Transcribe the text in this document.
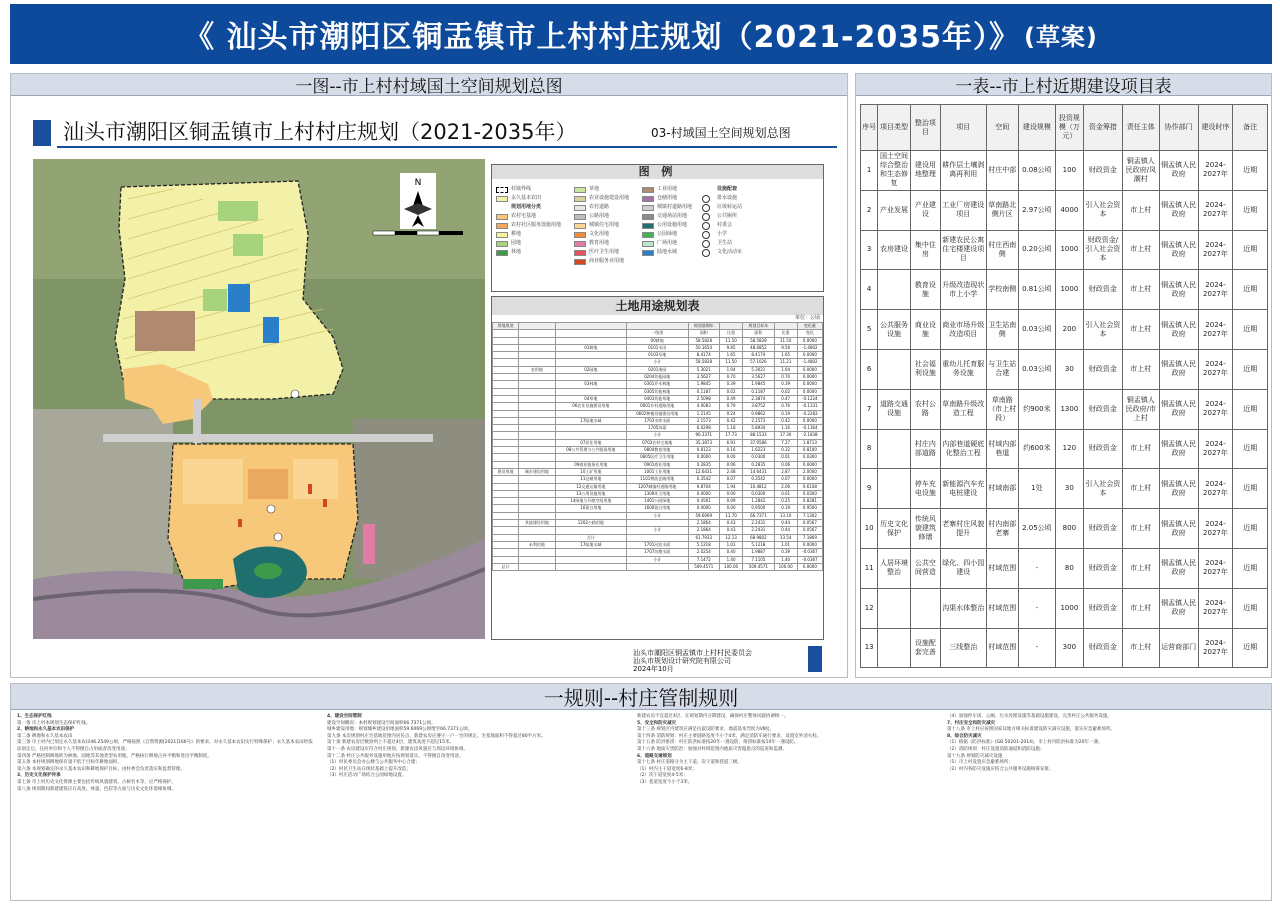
《 汕头市潮阳区铜盂镇市上村村庄规划（2021-2035年）》 (草案)
一图--市上村村域国土空间规划总图
汕头市潮阳区铜盂镇市上村村庄规划（2021-2035年）	03-村域国土空间规划总图
N
图 例
村域界线
永久基本农田
规划用地分类
农村宅基地
农村社区服务设施用地
耕地
园地
林地
草地
农业设施建设用地
农村道路
公路用地
城镇住宅用地
文化用地
教育用地
医疗卫生用地
商业服务业用地
工业用地
仓储用地
城镇村道路用地
交通场站用地
公用设施用地
公园绿地
广场用地
陆地水域
设施配套
排水设施
垃圾转运站
公共厕所
村委会
小学
卫生站
文化活动室
土地用途规划表
单位：公顷
用地用途				规划基期年		规划目标年		变化量
			一级类	面积	比重	面积	比重	变化
			00耕地	58.5828	11.50	58.5828	11.50	0.0000
		01耕地	0101水田	50.1654	9.85	48.6852	9.56	-1.4802
			0103旱地	8.4174	1.65	8.4174	1.65	0.0000
			小计	58.5828	11.50	57.1026	11.21	-1.4802
	农用地	02园地	0201果园	5.3021	1.04	5.3021	1.04	0.0000
			0204其他园地	3.5627	0.70	3.5627	0.70	0.0000
		03林地	0301乔木林地	1.9845	0.39	1.9845	0.39	0.0000
			0305其他林地	0.1187	0.02	0.1187	0.02	0.0000
		04草地	0403其他草地	2.5098	0.49	2.3874	0.47	-0.1224
		06农业设施建设用地	0601乡村道路用地	4.0083	0.79	3.8752	0.76	-0.1331
			0602种植设施建设用地	1.2145	0.24	0.9862	0.19	-0.2283
		17陆地水域	1703水库水面	2.1573	0.42	2.1573	0.42	0.0000
			1705沟渠	6.0298	1.18	5.8934	1.16	-0.1364
			小计	90.3371	17.73	88.1533	17.30	-2.1838
		07居住用地	0703农村宅基地	35.1873	6.91	37.0586	7.27	1.8713
		08公共管理与公共服务用地	0804教育用地	0.8123	0.16	1.6223	0.32	0.8100
			0805医疗卫生用地	0.0000	0.00	0.0300	0.01	0.0300
		09商业服务业用地	0901商业用地	0.2835	0.06	0.2835	0.06	0.0000
建设用地	城乡建设用地	10工矿用地	1001工业用地	12.6431	2.48	14.6431	2.87	2.0000
		11仓储用地	1101物流仓储用地	0.3542	0.07	0.3542	0.07	0.0000
		12交通运输用地	1207城镇村道路用地	9.8704	1.94	10.4812	2.06	0.6108
		13公用设施用地	1309环卫用地	0.0000	0.00	0.0300	0.01	0.0300
		14绿地与开敞空间用地	1401公园绿地	0.4561	0.09	1.2842	0.25	0.8281
		16留白用地	1600留白用地	0.0000	0.00	0.9500	0.19	0.9500
			小计	59.6069	11.70	66.7371	13.10	7.1302
	其他建设用地	1202公路用地		2.1864	0.43	2.2431	0.44	0.0567
			小计	2.1864	0.43	2.2431	0.44	0.0567
		合计		61.7933	12.13	68.9802	13.54	7.1869
	未利用地	17陆地水域	1701河流水面	5.1218	1.01	5.1218	1.01	0.0000
			1707坑塘水面	2.0254	0.40	1.9887	0.39	-0.0367
			小计	7.1472	1.40	7.1105	1.40	-0.0367
总计				509.4571	100.00	509.4571	100.00	0.0000
汕头市潮阳区铜盂镇市上村村民委员会
汕头市规划设计研究院有限公司
2024年10月
一表--市上村近期建设项目表
序号	项目类型	整治项目	项目	空间	建设规模	投资规模（万元）	资金筹措	责任主体	协作部门	建设时序	备注
1	国土空间综合整治和生态修复	建设用地整理	耕作层土壤剥离再利用	村庄中部	0.08公顷	100	财政资金	铜盂镇人民政府/凤潮村	铜盂镇人民政府	2024-2027年	近期
2	产业发展	产业建设	工业厂房建设项目	草南路北侧片区	2.97公顷	4000	引入社会资本	市上村	铜盂镇人民政府	2024-2027年	近期
3	农房建设	集中住房	新建农民公寓住宅楼建设项目	村庄西南侧	0.20公顷	1000	财政资金/引入社会资本	市上村	铜盂镇人民政府	2024-2027年	近期
4		教育设施	升级改造现状市上小学	学校南侧	0.81公顷	1000	财政资金	市上村	铜盂镇人民政府	2024-2027年	近期
5	公共服务设施	商业设施	商业市场升级改造项目	卫生站南侧	0.03公顷	200	引入社会资本	市上村	铜盂镇人民政府	2024-2027年	近期
6		社会福利设施	重幼儿托育服务设施	与卫生站合建	0.03公顷	30	财政资金	市上村	铜盂镇人民政府	2024-2027年	近期
7	道路交通设施	农村公路	草南路升级改造工程	草南路（市上村段）	约900米	1300	财政资金	铜盂镇人民政府/市上村	铜盂镇人民政府	2024-2027年	近期
8		村庄内部道路	内部巷道硬底化整治工程	村域内部巷道	约600米	120	财政资金	市上村	铜盂镇人民政府	2024-2027年	近期
9		停车充电设施	新能源汽车充电桩建设	村域南部	1处	30	引入社会资本	市上村	铜盂镇人民政府	2024-2027年	近期
10	历史文化保护	传统风貌建筑修缮	老寨村庄风貌提升	村内南部老寨	2.05公顷	800	财政资金	市上村	铜盂镇人民政府	2024-2027年	近期
11	人居环境整治	公共空间营造	绿化、四小园建设	村域范围	-	80	财政资金	市上村	铜盂镇人民政府	2024-2027年	近期
12			沟渠水体整治	村域范围	-	1000	财政资金	市上村	铜盂镇人民政府	2024-2027年	近期
13		设施配套完善	三线整治	村域范围	-	300	财政资金	市上村	运营商部门	2024-2027年	近期
一规则--村庄管制规则

1、生态保护红线

第一条 市上村本规划生态保护红线。

2、耕地和永久基本农田保护

第二条 耕地和永久基本农田

第三条 市上村内已划定永久基本农田46.2549公顷，严格按照《自然资源[2021]166号》的要求，对永久基本农田实行特殊保护；永久基本农田经依法划定后，任何单位和个人不得擅自占用或者改变用途。

第四条 严格控制耕地转为林地、园地等其他类型农用地，严格执行耕地占补平衡和进出平衡制度。

第五条 本村规划耕地保有量不低于目标年耕地面积。

第六条 本规划确定的永久基本农田和耕地保护目标，由村委会负责落实和监督管理。

3、历史文化保护传承

第七条 市上村历史文化资源主要包括传统风貌建筑、古树名木等，应严格保护。

第八条 规划期间新建建筑应在高度、体量、色彩等方面与历史文化环境相协调。

4、建设空间管制

建设空间概况：本村规划建设空间面积66.7371公顷。

城乡建设用地：规划城乡建设用地面积59.6069公顷增至66.7371公顷。

第九条 本次规划村庄宅基地范围内居民点，新建农房应遵守一户一宅的规定，宅基地面积不得超过80平方米。

第十条 新建农房层数原则上不超过4层，建筑高度不超过15米。

第十一条 农房建设应符合村庄规划，新建农房风貌应与周边环境协调。

第十二条 村庄公共服务设施用地应按规划落实，不得擅自改变用途。

（1）村民委员会办公楼与公共服务中心合建；

（2）村民卫生站在现状基础上提升改造；

（3）村庄活动广场结合公园绿地设置。

新建农房不宜超过4层，在规划期内分期建设，确保村庄整体风貌协调统一。

5、安全和防灾减灾

第十三条 规划区内建筑应满足抗震设防要求，地震基本烈度为Ⅶ度。

第十四条 消防规划：村庄主要道路宽度不小于4米，满足消防车通行要求，设置室外消火栓。

第十五条 防洪排涝：村庄防洪标准按20年一遇设防，排涝标准按10年一遇设防。

第十六条 地质灾害防治：加强对村域范围内地质灾害隐患点的巡查和监测。

6、道路交通规划

第十七条 村庄道路分为主干道、次干道和巷道三级。

（1）村内主干道宽度6-8米；

（2）次干道宽度4-5米；

（3）巷道宽度不小于3米。

（4）加强停车场、公厕、污水处理设施等基础设施建设，完善村庄公共服务设施。

7、村庄安全和防灾减灾

第十八条 市上村应按照国家及地方相关标准建设防灾减灾设施，落实应急避难场所。

8、综合防灾减灾

（1）根据《防洪标准》(GB 50201-2014)，市上村内防洪标准为20年一遇；

（2）消防规划：村庄设置消防通道和消防设施；

第十九条 规划防灾减灾设施

（1）市上村设置应急避难场所；

（2）村内各防灾设施应结合公共服务设施统筹安排。
